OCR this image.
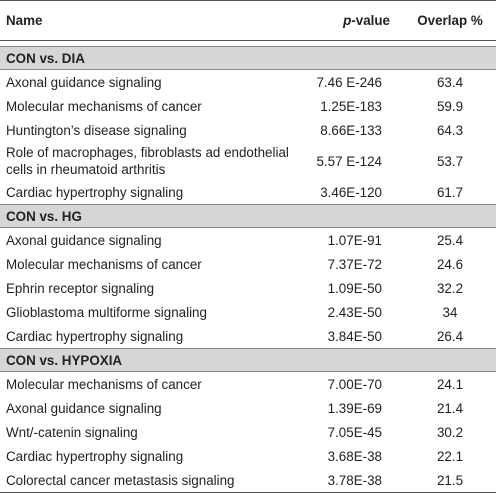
Name	p-value	Overlap %

CON vs. DIA		
Axonal guidance signaling	7.46 E-246	63.4
Molecular mechanisms of cancer	1.25E-183	59.9
Huntington’s disease signaling	8.66E-133	64.3
Role of macrophages, fibroblasts ad endothelial cells in rheumatoid arthritis	5.57 E-124	53.7
Cardiac hypertrophy signaling	3.46E-120	61.7
CON vs. HG		
Axonal guidance signaling	1.07E-91	25.4
Molecular mechanisms of cancer	7.37E-72	24.6
Ephrin receptor signaling	1.09E-50	32.2
Glioblastoma multiforme signaling	2.43E-50	34
Cardiac hypertrophy signaling	3.84E-50	26.4
CON vs. HYPOXIA		
Molecular mechanisms of cancer	7.00E-70	24.1
Axonal guidance signaling	1.39E-69	21.4
Wnt/-catenin signaling	7.05E-45	30.2
Cardiac hypertrophy signaling	3.68E-38	22.1
Colorectal cancer metastasis signaling	3.78E-38	21.5
